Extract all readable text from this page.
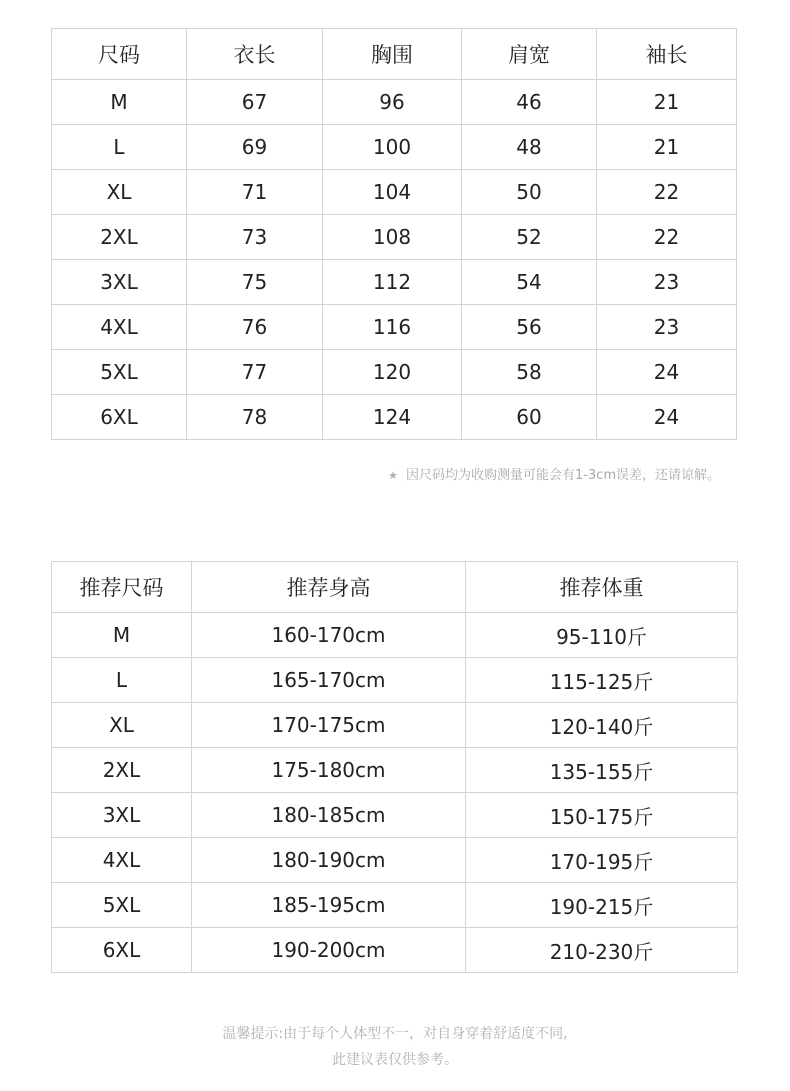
尺码	衣长	胸围	肩宽	袖长
M	67	96	46	21
L	69	100	48	21
XL	71	104	50	22
2XL	73	108	52	22
3XL	75	112	54	23
4XL	76	116	56	23
5XL	77	120	58	24
6XL	78	124	60	24
★ 因尺码均为收购测量可能会有1-3cm误差，还请谅解。
推荐尺码	推荐身高	推荐体重
M	160-170cm	95-110斤
L	165-170cm	115-125斤
XL	170-175cm	120-140斤
2XL	175-180cm	135-155斤
3XL	180-185cm	150-175斤
4XL	180-190cm	170-195斤
5XL	185-195cm	190-215斤
6XL	190-200cm	210-230斤
温馨提示:由于每个人体型不一，对自身穿着舒适度不同,
此建议表仅供参考。
